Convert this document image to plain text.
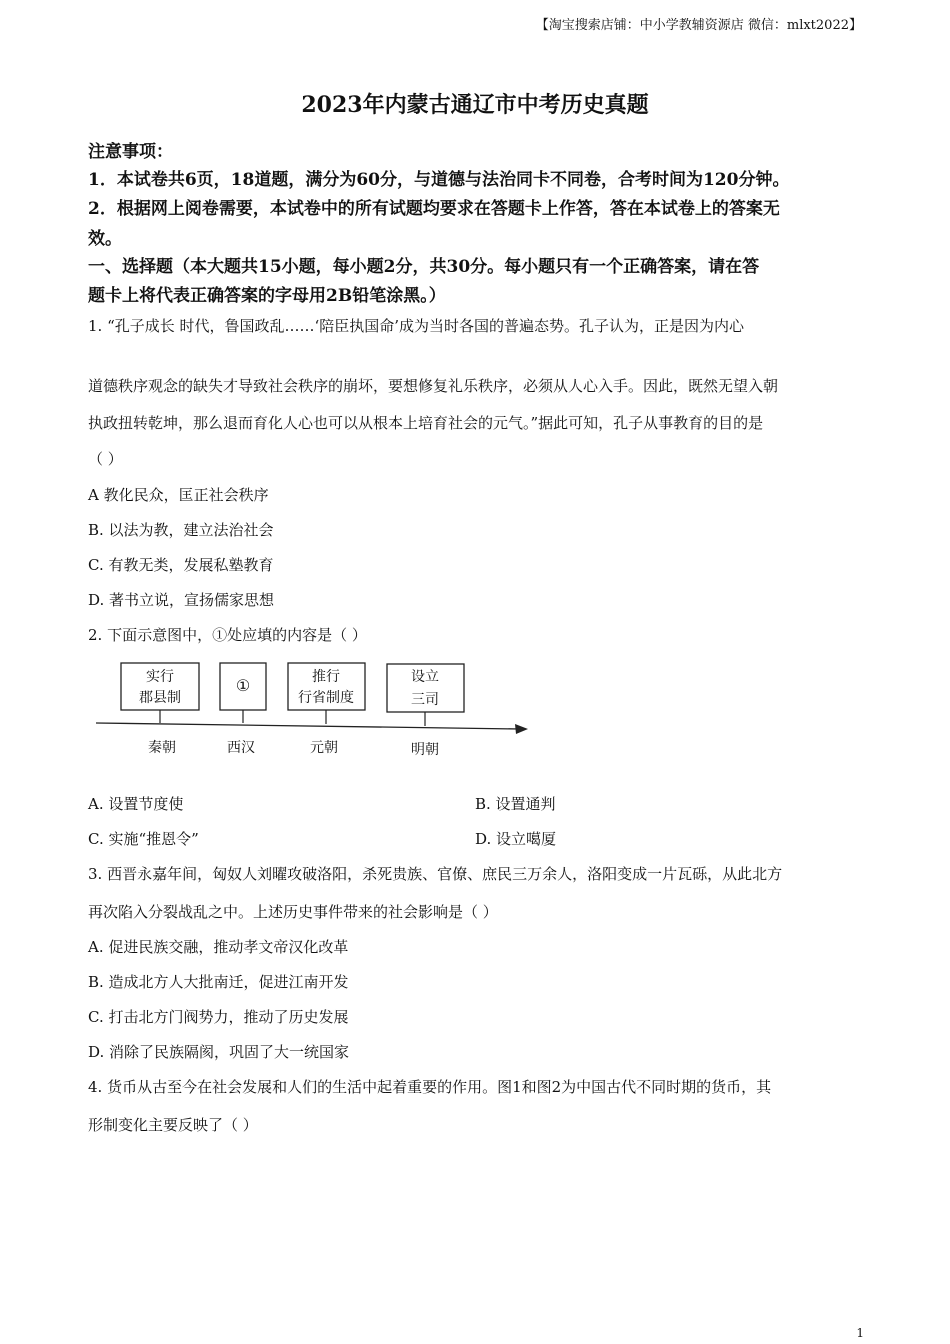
【淘宝搜索店铺：中小学教辅资源店 微信：mlxt2022】
2023年内蒙古通辽市中考历史真题
注意事项：
1．本试卷共6页，18道题，满分为60分，与道德与法治同卡不同卷，合考时间为120分钟。
2．根据网上阅卷需要，本试卷中的所有试题均要求在答题卡上作答，答在本试卷上的答案无
效。
一、选择题（本大题共15小题，每小题2分，共30分。每小题只有一个正确答案，请在答
题卡上将代表正确答案的字母用2B铅笔涂黑。）
1. “孔子成长 时代，鲁国政乱……‘陪臣执国命’成为当时各国的普遍态势。孔子认为，正是因为内心
道德秩序观念的缺失才导致社会秩序的崩坏，要想修复礼乐秩序，必须从人心入手。因此，既然无望入朝
执政扭转乾坤，那么退而育化人心也可以从根本上培育社会的元气。”据此可知，孔子从事教育的目的是
（ ）
A 教化民众，匡正社会秩序
B. 以法为教，建立法治社会
C. 有教无类，发展私塾教育
D. 著书立说，宣扬儒家思想
2. 下面示意图中，①处应填的内容是（ ）
实行
郡县制
①	推行
行省制度
设立
三司
秦朝	西汉	元朝	明朝
A. 设置节度使	B. 设置通判
C. 实施“推恩令”	D. 设立噶厦
3. 西晋永嘉年间，匈奴人刘曜攻破洛阳，杀死贵族、官僚、庶民三万余人，洛阳变成一片瓦砾，从此北方
再次陷入分裂战乱之中。上述历史事件带来的社会影响是（ ）
A. 促进民族交融，推动孝文帝汉化改革
B. 造成北方人大批南迁，促进江南开发
C. 打击北方门阀势力，推动了历史发展
D. 消除了民族隔阂，巩固了大一统国家
4. 货币从古至今在社会发展和人们的生活中起着重要的作用。图1和图2为中国古代不同时期的货币，其
形制变化主要反映了（ ）
1
